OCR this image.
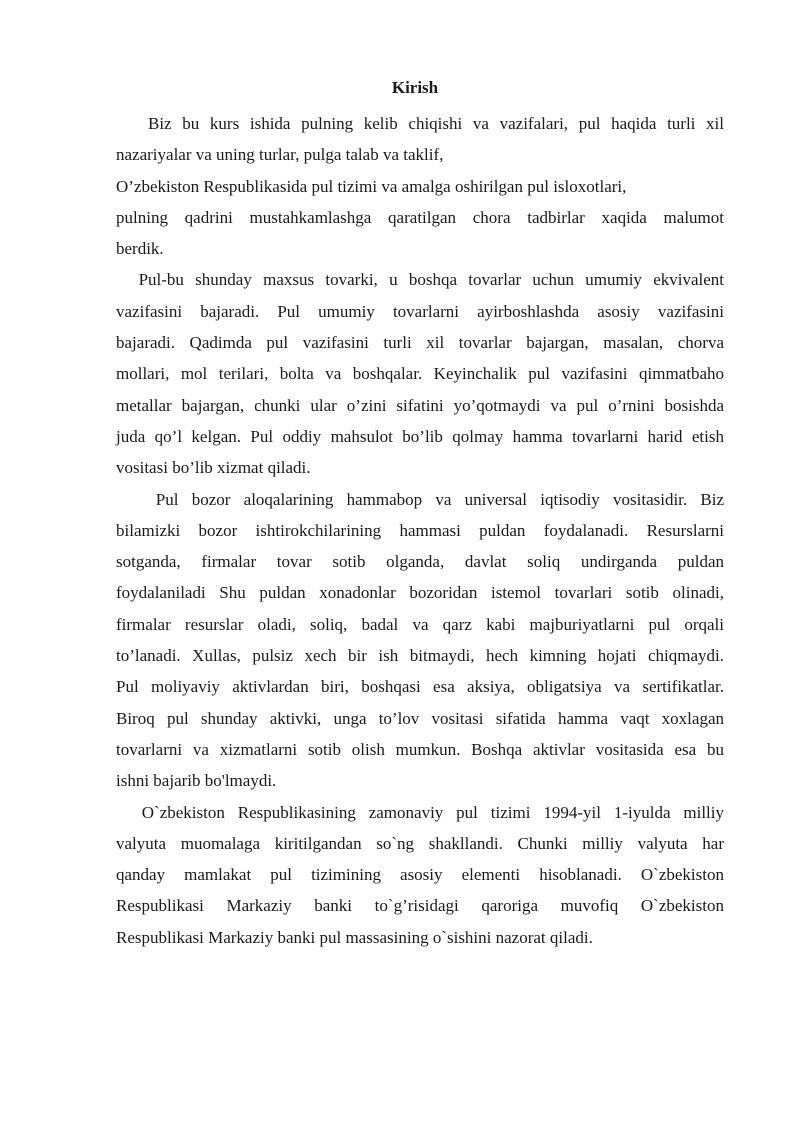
Kirish
Biz bu kurs ishida pulning kelib chiqishi va vazifalari, pul haqida turli xil
nazariyalar va uning turlar, pulga talab va taklif,
O’zbekiston Respublikasida pul tizimi va amalga oshirilgan pul isloxotlari,
pulning qadrini mustahkamlashga qaratilgan chora tadbirlar xaqida malumot
berdik.
Pul-bu shunday maxsus tovarki, u boshqa tovarlar uchun umumiy ekvivalent
vazifasini bajaradi. Pul umumiy tovarlarni ayirboshlashda asosiy vazifasini
bajaradi. Qadimda pul vazifasini turli xil tovarlar bajargan, masalan, chorva
mollari, mol terilari, bolta va boshqalar. Keyinchalik pul vazifasini qimmatbaho
metallar bajargan, chunki ular o’zini sifatini yo’qotmaydi va pul o’rnini bosishda
juda qo’l kelgan. Pul oddiy mahsulot bo’lib qolmay hamma tovarlarni harid etish
vositasi bo’lib xizmat qiladi.
Pul bozor aloqalarining hammabop va universal iqtisodiy vositasidir. Biz
bilamizki bozor ishtirokchilarining hammasi puldan foydalanadi. Resurslarni
sotganda, firmalar tovar sotib olganda, davlat soliq undirganda puldan
foydalaniladi Shu puldan xonadonlar bozoridan istemol tovarlari sotib olinadi,
firmalar resurslar oladi, soliq, badal va qarz kabi majburiyatlarni pul orqali
to’lanadi. Xullas, pulsiz xech bir ish bitmaydi, hech kimning hojati chiqmaydi.
Pul moliyaviy aktivlardan biri, boshqasi esa aksiya, obligatsiya va sertifikatlar.
Biroq pul shunday aktivki, unga to’lov vositasi sifatida hamma vaqt xoxlagan
tovarlarni va xizmatlarni sotib olish mumkun. Boshqa aktivlar vositasida esa bu
ishni bajarib bo'lmaydi.
O`zbekiston Respublikasining zamonaviy pul tizimi 1994-yil 1-iyulda milliy
valyuta muomalaga kiritilgandan so`ng shakllandi. Chunki milliy valyuta har
qanday mamlakat pul tizimining asosiy elementi hisoblanadi. O`zbekiston
Respublikasi Markaziy banki to`g’risidagi qaroriga muvofiq O`zbekiston
Respublikasi Markaziy banki pul massasining o`sishini nazorat qiladi.
